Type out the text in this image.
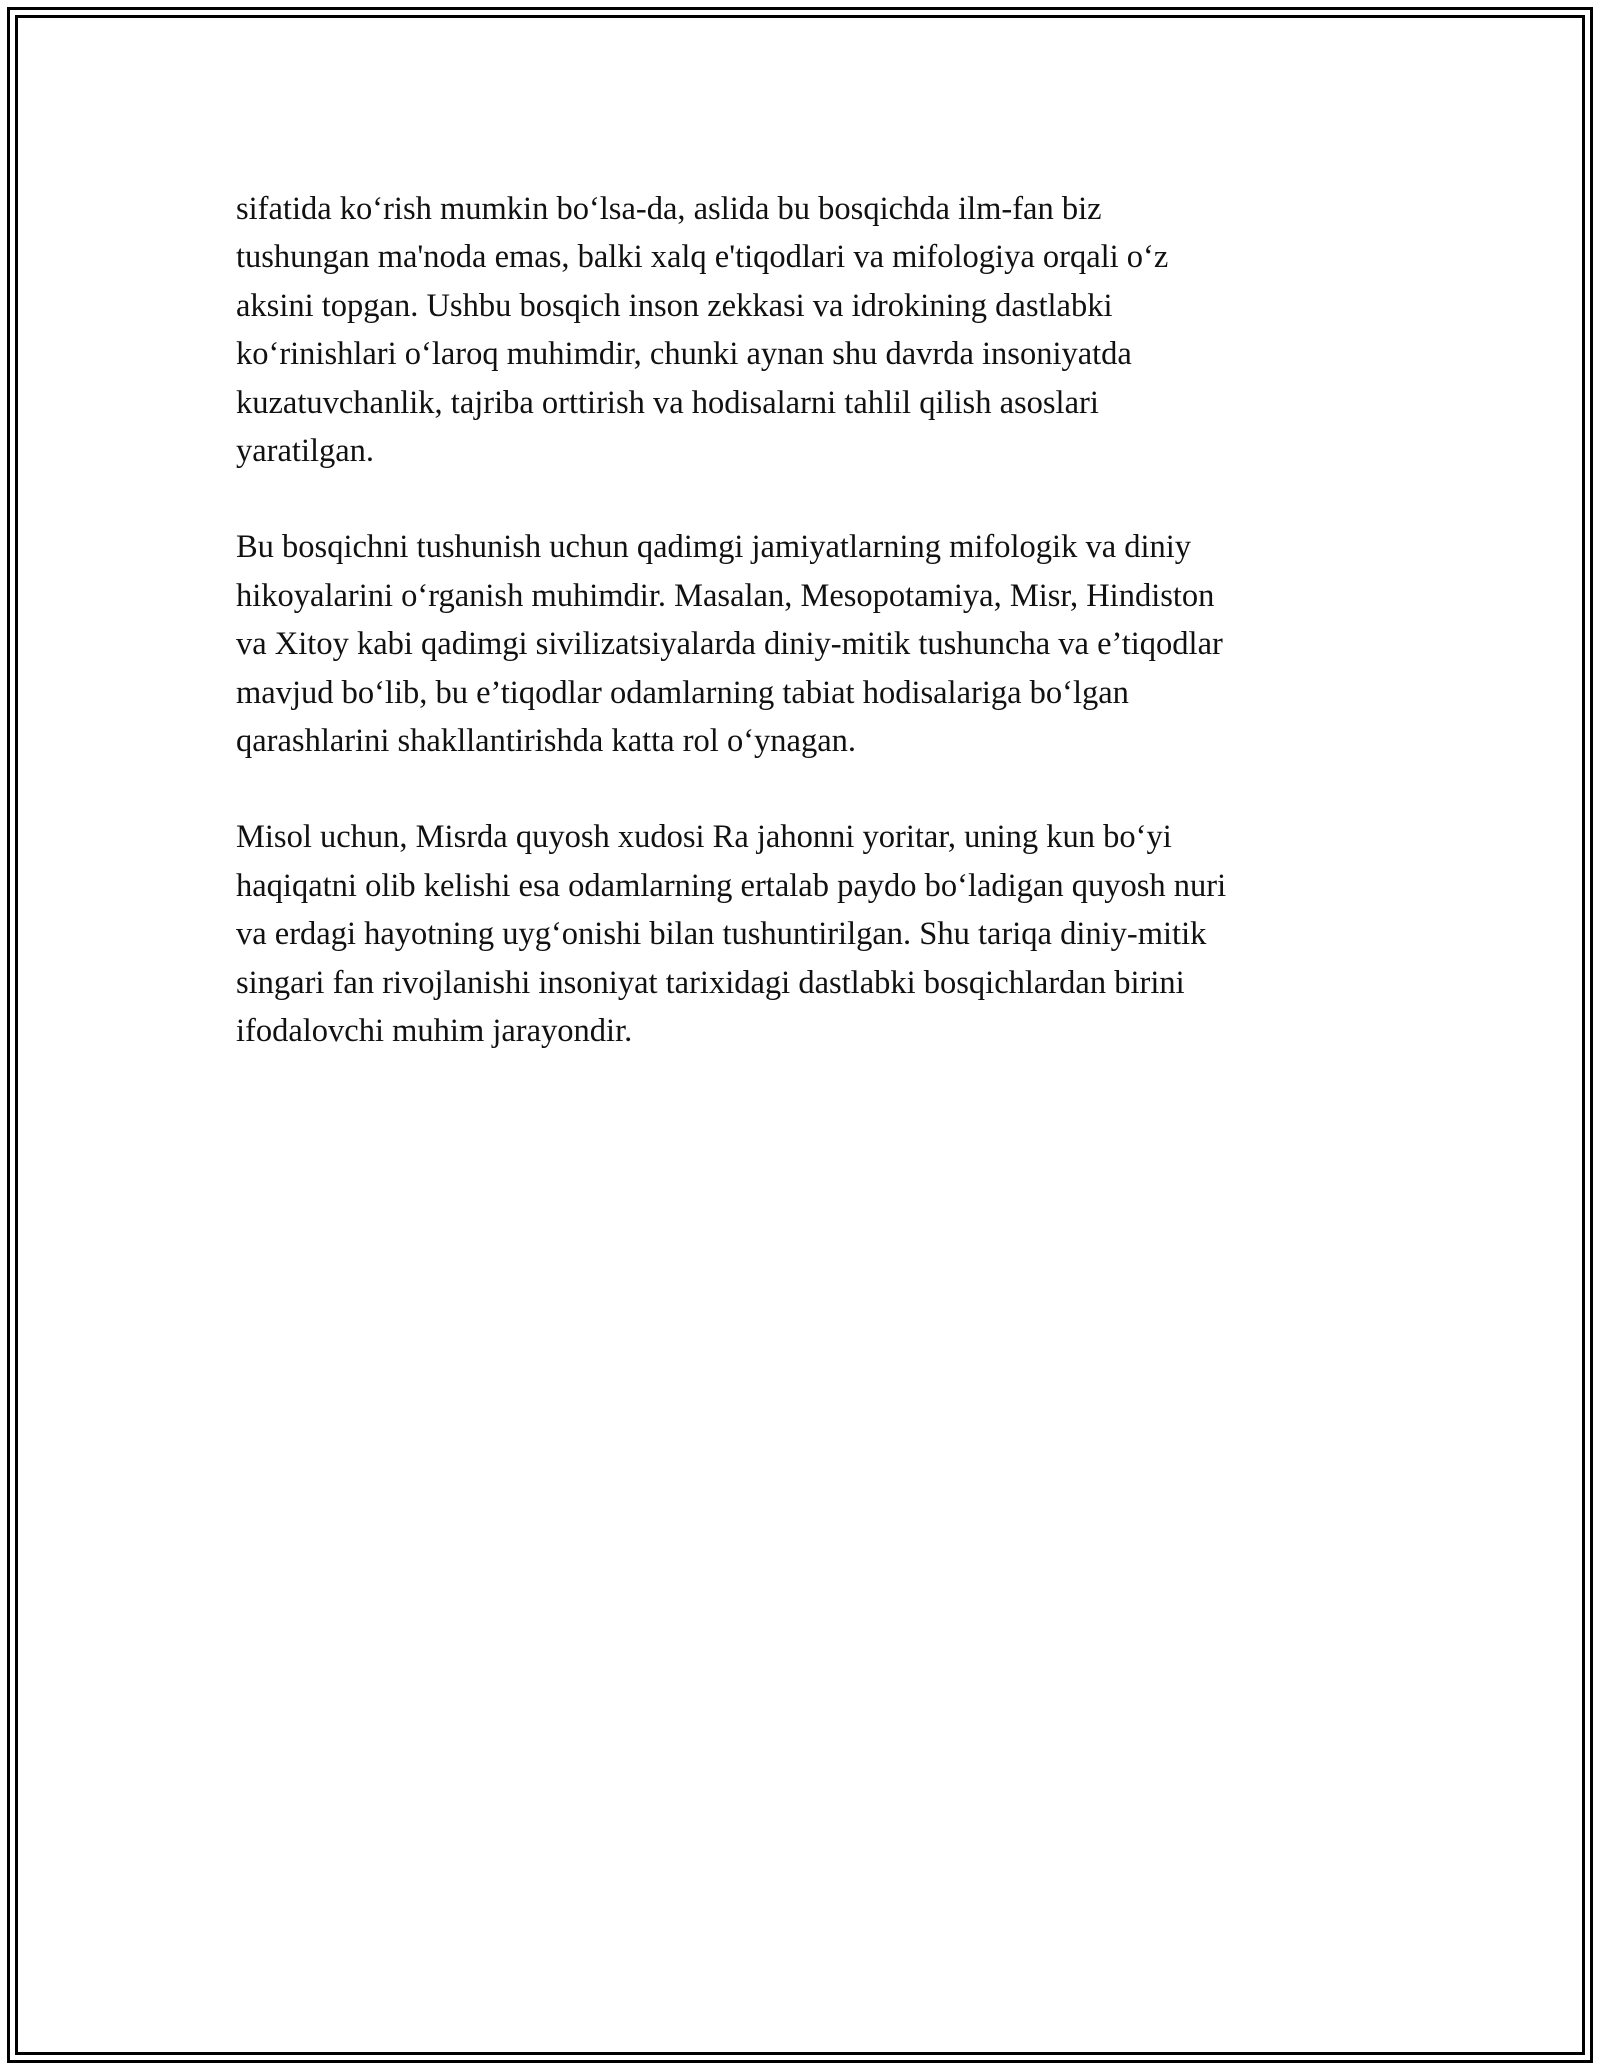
sifatida ko‘rish mumkin bo‘lsa-da, aslida bu bosqichda ilm-fan biz
tushungan ma'noda emas, balki xalq e'tiqodlari va mifologiya orqali o‘z
aksini topgan. Ushbu bosqich inson zekkasi va idrokining dastlabki
ko‘rinishlari o‘laroq muhimdir, chunki aynan shu davrda insoniyatda
kuzatuvchanlik, tajriba orttirish va hodisalarni tahlil qilish asoslari
yaratilgan.

Bu bosqichni tushunish uchun qadimgi jamiyatlarning mifologik va diniy
hikoyalarini o‘rganish muhimdir. Masalan, Mesopotamiya, Misr, Hindiston
va Xitoy kabi qadimgi sivilizatsiyalarda diniy-mitik tushuncha va e’tiqodlar
mavjud bo‘lib, bu e’tiqodlar odamlarning tabiat hodisalariga bo‘lgan
qarashlarini shakllantirishda katta rol o‘ynagan.

Misol uchun, Misrda quyosh xudosi Ra jahonni yoritar, uning kun bo‘yi
haqiqatni olib kelishi esa odamlarning ertalab paydo bo‘ladigan quyosh nuri
va erdagi hayotning uyg‘onishi bilan tushuntirilgan. Shu tariqa diniy-mitik
singari fan rivojlanishi insoniyat tarixidagi dastlabki bosqichlardan birini
ifodalovchi muhim jarayondir.
